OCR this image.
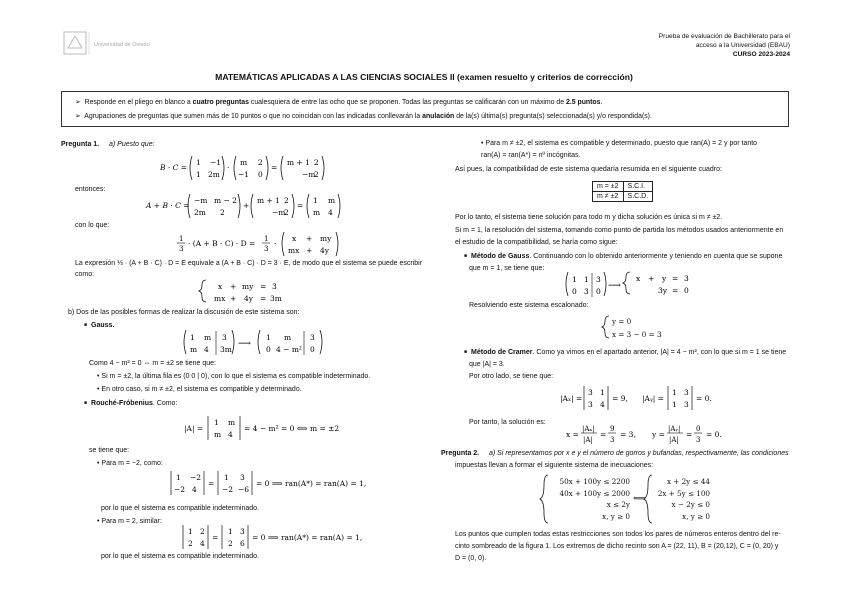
Universidad de Oviedo
Prueba de evaluación de Bachillerato para el
acceso a la Universidad (EBAU)
CURSO 2023-2024
MATEMÁTICAS APLICADAS A LAS CIENCIAS SOCIALES II (examen resuelto y criterios de corrección)

➢  Responde en el pliego en blanco a cuatro preguntas cualesquiera de entre las ocho que se proponen. Todas las preguntas se calificarán con un máximo de 2.5 puntos.

➢  Agrupaciones de preguntas que sumen más de 10 puntos o que no coincidan con las indicadas conllevarán la anulación de la(s) última(s) pregunta(s) seleccionada(s) y/o respondida(s).

Pregunta 1. a) Puesto que:
B · C =
1 −1
1 2m
·
m 2
−1 0
=
m + 1 2
−m
2
entonces:
A + B · C =
−m m − 2
2m 2
+
m + 1 2
−m
2
=
1 m
m 4
con lo que:
1
3
· (A + B · C) · D = 1
3
·
x + my
mx + 4y
La expresión ⅓ · (A + B · C) · D = E equivale a (A + B · C) · D = 3 · E, de modo que el sistema se puede escribir
como:
x + my = 3
mx + 4y = 3m
b) Dos de las posibles formas de realizar la discusión de este sistema son:
■ Gauss.
1 m 3
m 4 3m
⟶
1 m	3
0 4 − m² 0
Como 4 − m² = 0 ⇔ m = ±2 se tiene que:
• Si m = ±2, la última fila es (0 0 | 0), con lo que el sistema es compatible indeterminado.
• En otro caso, si m ≠ ±2, el sistema es compatible y determinado.
■ Rouché-Fróbenius. Como:
|A| =
1 m
m 4
= 4 − m² = 0 ⟺ m = ±2
se tiene que:
• Para m = −2, como:
1 −2
−2 4
=
1 3
−2 −6
= 0 ⟹ ran(A*) = ran(A) = 1,
por lo que el sistema es compatible indeterminado.
• Para m = 2, similar:
1 2
2 4
=
1 3
2 6
= 0 ⟹ ran(A*) = ran(A) = 1,
por lo que el sistema es compatible indeterminado.
• Para m ≠ ±2, el sistema es compatible y determinado, puesto que ran(A) = 2 y por tanto
ran(A) = ran(A*) = nº incógnitas.
Así pues, la compatibilidad de este sistema quedaría resumida en el siguiente cuadro:
m = ±2	S.C.I.
m ≠ ±2	S.C.D.
Por lo tanto, el sistema tiene solución para todo m y dicha solución es única si m ≠ ±2.
Si m = 1, la resolución del sistema, tomando como punto de partida los métodos usados anteriormente en
el estudio de la compatibilidad, se haría como sigue:
■ Método de Gauss. Continuando con lo obtenido anteriormente y teniendo en cuenta que se supone
que m = 1, se tiene que:
1 1 3
0 3 0
⟶
x + y = 3
3y = 0
Resolviendo este sistema escalonado:
y = 0
x = 3 − 0 = 3
■ Método de Cramer. Como ya vimos en el apartado anterior, |A| = 4 − m², con lo que si m = 1 se tiene
que |A| = 3.
Por otro lado, se tiene que:
|Aₓ| =
3 1
3 4
= 9, |Aᵧ| =
1 3
1 3
= 0.
Por tanto, la solución es:
x =
|Aₓ|
|A|
=
9
3
= 3, y =
|Aᵧ|
|A|
=
0
3
= 0.
Pregunta 2. a) Si representamos por x e y el número de gorros y bufandas, respectivamente, las condiciones
impuestas llevan a formar el siguiente sistema de inecuaciones:
50x + 100y ≤ 2200
40x + 100y ≤ 2000
x ≤ 2y
x, y ≥ 0
⟺
x + 2y ≤ 44
2x + 5y ≤ 100
x − 2y ≤ 0
x, y ≥ 0
Los puntos que cumplen todas estas restricciones son todos los pares de números enteros dentro del re-
cinto sombreado de la figura 1. Los extremos de dicho recinto son A = (22, 11), B = (20,12), C = (0, 20) y
D = (0, 0).
